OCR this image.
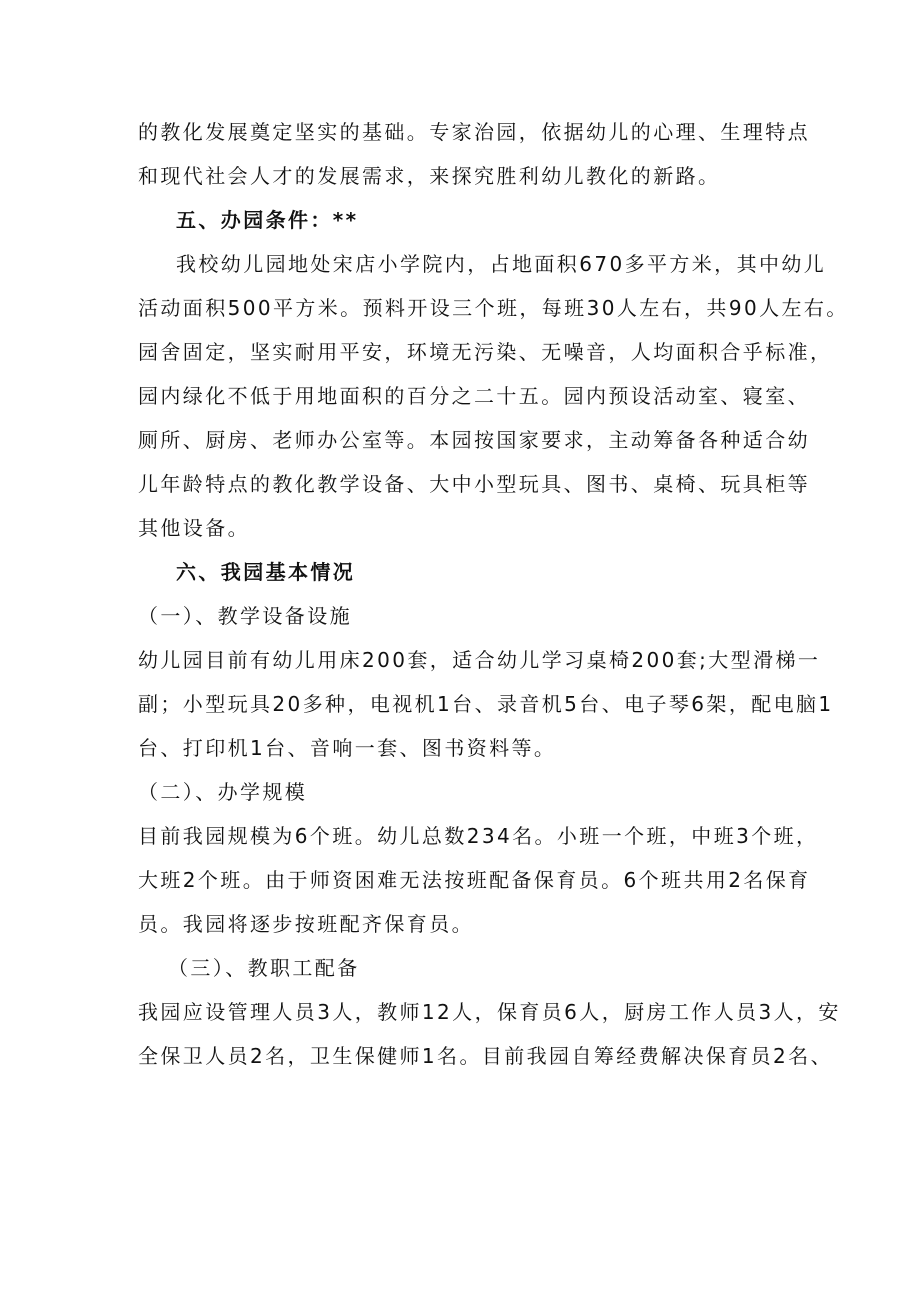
的教化发展奠定坚实的基础。专家治园，依据幼儿的心理、生理特点
和现代社会人才的发展需求，来探究胜利幼儿教化的新路。
五、办园条件：**
我校幼儿园地处宋店小学院内，占地面积670多平方米，其中幼儿
活动面积500平方米。预料开设三个班，每班30人左右，共90人左右。
园舍固定，坚实耐用平安，环境无污染、无噪音，人均面积合乎标准，
园内绿化不低于用地面积的百分之二十五。园内预设活动室、寝室、
厕所、厨房、老师办公室等。本园按国家要求，主动筹备各种适合幼
儿年龄特点的教化教学设备、大中小型玩具、图书、桌椅、玩具柜等
其他设备。
六、我园基本情况
（一）、教学设备设施
幼儿园目前有幼儿用床200套，适合幼儿学习桌椅200套;大型滑梯一
副；小型玩具20多种，电视机1台、录音机5台、电子琴6架，配电脑1
台、打印机1台、音响一套、图书资料等。
（二）、办学规模
目前我园规模为6个班。幼儿总数234名。小班一个班，中班3个班，
大班2个班。由于师资困难无法按班配备保育员。6个班共用2名保育
员。我园将逐步按班配齐保育员。
（三）、教职工配备
我园应设管理人员3人，教师12人，保育员6人，厨房工作人员3人，安
全保卫人员2名，卫生保健师1名。目前我园自筹经费解决保育员2名、
